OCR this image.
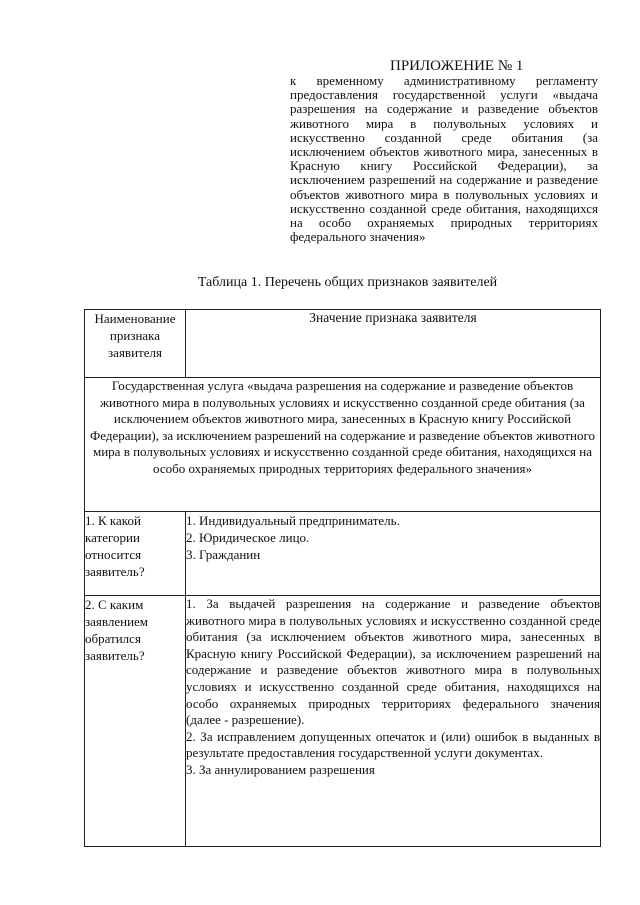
ПРИЛОЖЕНИЕ № 1
к временному административному регламенту предоставления государственной услуги «выдача разрешения на содержание и разведение объектов животного мира в полувольных условиях и искусственно созданной среде обитания (за исключением объектов животного мира, занесенных в Красную книгу Российской Федерации), за исключением разрешений на содержание и разведение объектов животного мира в полувольных условиях и искусственно созданной среде обитания, находящихся на особо охраняемых природных территориях федерального значения»
Таблица 1. Перечень общих признаков заявителей
Наименование признака заявителя	Значение признака заявителя
Государственная услуга «выдача разрешения на содержание и разведение объектов животного мира в полувольных условиях и искусственно созданной среде обитания (за исключением объектов животного мира, занесенных в Красную книгу Российской Федерации), за исключением разрешений на содержание и разведение объектов животного мира в полувольных условиях и искусственно созданной среде обитания, находящихся на особо охраняемых природных территориях федерального значения»	
1. К какой категории относится заявитель?	1. Индивидуальный предприниматель.
2. Юридическое лицо.
3. Гражданин

2. С каким заявлением обратился заявитель?	1. За выдачей разрешения на содержание и разведение объектов животного мира в полувольных условиях и искусственно созданной среде обитания (за исключением объектов животного мира, занесенных в Красную книгу Российской Федерации), за исключением разрешений на содержание и разведение объектов животного мира в полувольных условиях и искусственно созданной среде обитания, находящихся на особо охраняемых природных территориях федерального значения
(далее - разрешение).
2. За исправлением допущенных опечаток и (или) ошибок в выданных в результате предоставления государственной услуги документах.
3. За аннулированием разрешения
